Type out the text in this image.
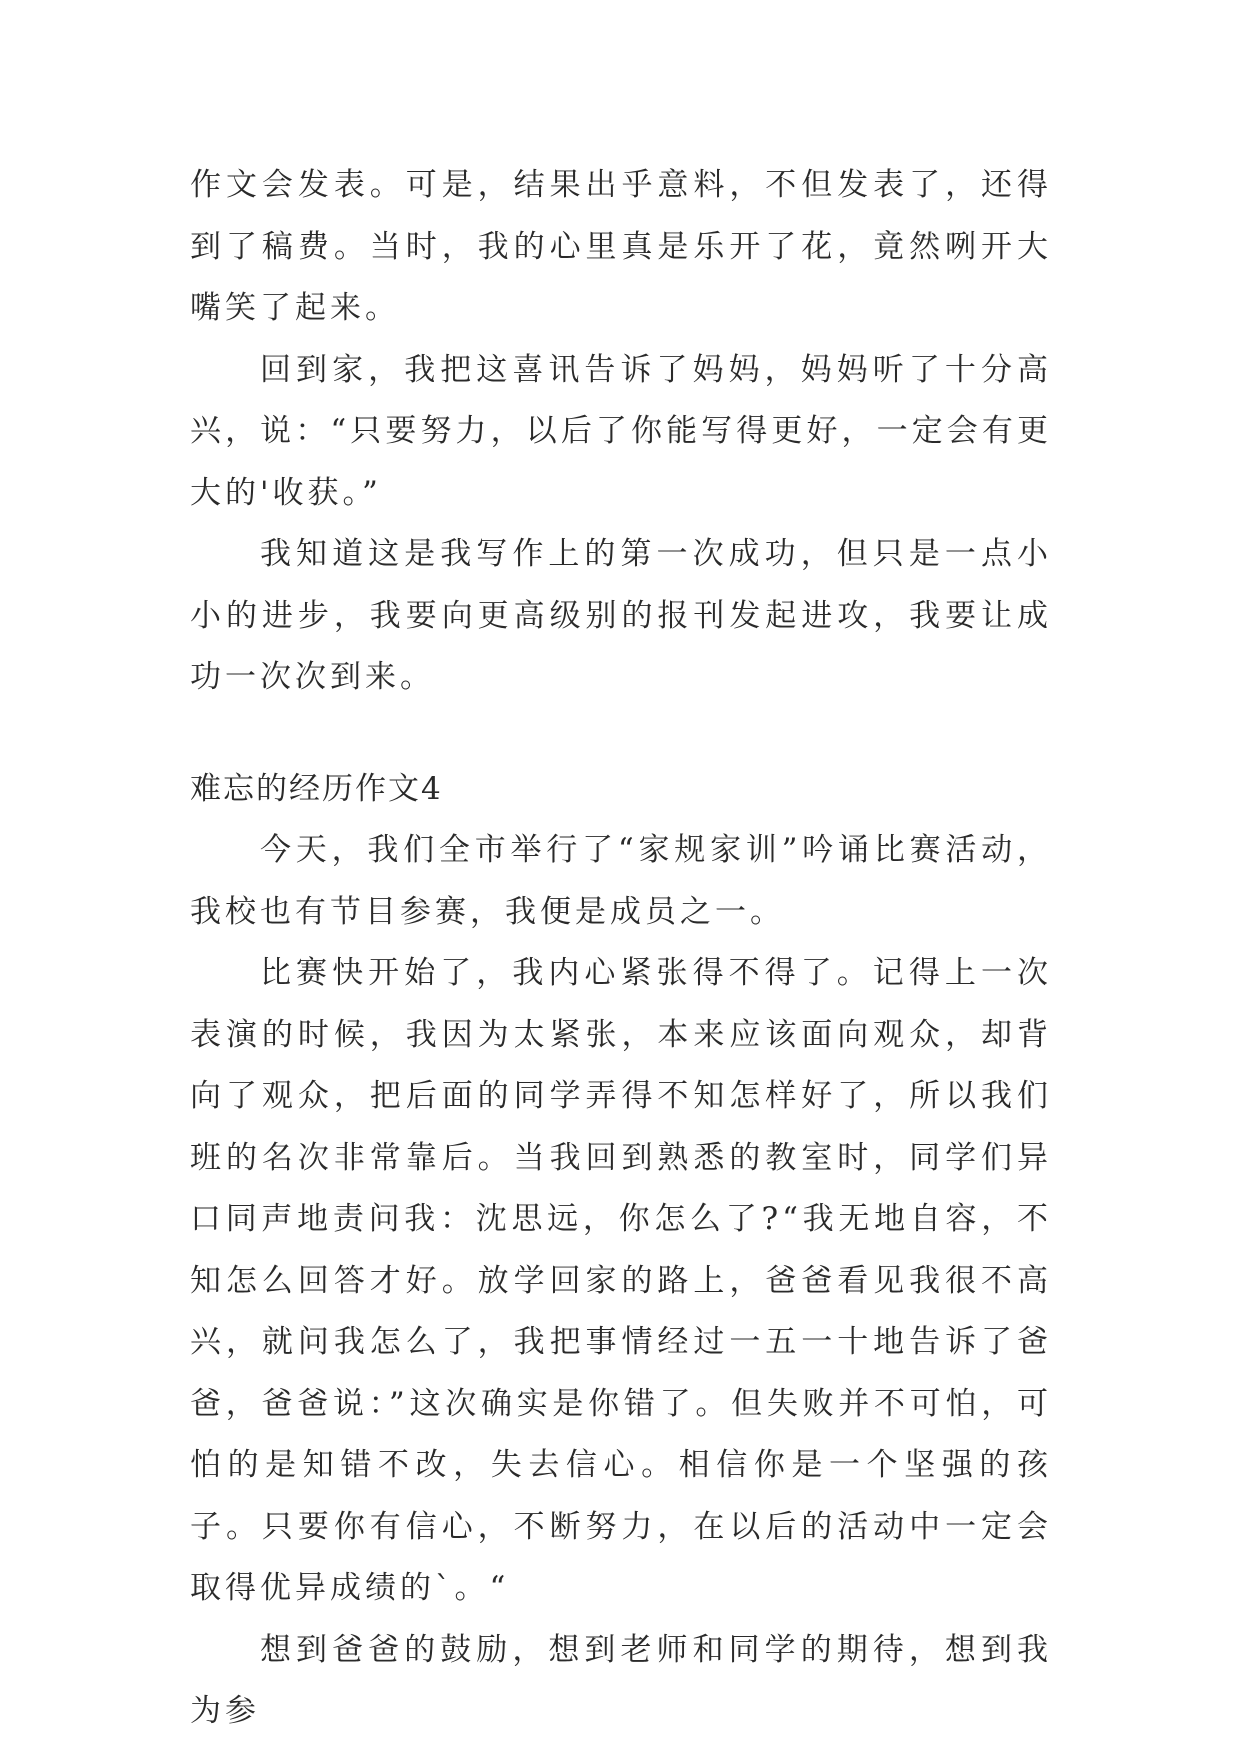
作文会发表。可是，结果出乎意料，不但发表了，还得到了稿费。当时，我的心里真是乐开了花，竟然咧开大嘴笑了起来。

回到家，我把这喜讯告诉了妈妈，妈妈听了十分高兴，说：“只要努力，以后了你能写得更好，一定会有更大的'收获。”

我知道这是我写作上的第一次成功，但只是一点小小的进步，我要向更高级别的报刊发起进攻，我要让成功一次次到来。

难忘的经历作文4

今天，我们全市举行了“家规家训”吟诵比赛活动，我校也有节目参赛，我便是成员之一。

比赛快开始了，我内心紧张得不得了。记得上一次表演的时候，我因为太紧张，本来应该面向观众，却背向了观众，把后面的同学弄得不知怎样好了，所以我们班的名次非常靠后。当我回到熟悉的教室时，同学们异口同声地责问我：沈思远，你怎么了?“我无地自容，不知怎么回答才好。放学回家的路上，爸爸看见我很不高兴，就问我怎么了，我把事情经过一五一十地告诉了爸爸，爸爸说：”这次确实是你错了。但失败并不可怕，可怕的是知错不改，失去信心。相信你是一个坚强的孩子。只要你有信心，不断努力，在以后的活动中一定会取得优异成绩的`。“

想到爸爸的鼓励，想到老师和同学的期待，想到我为参
